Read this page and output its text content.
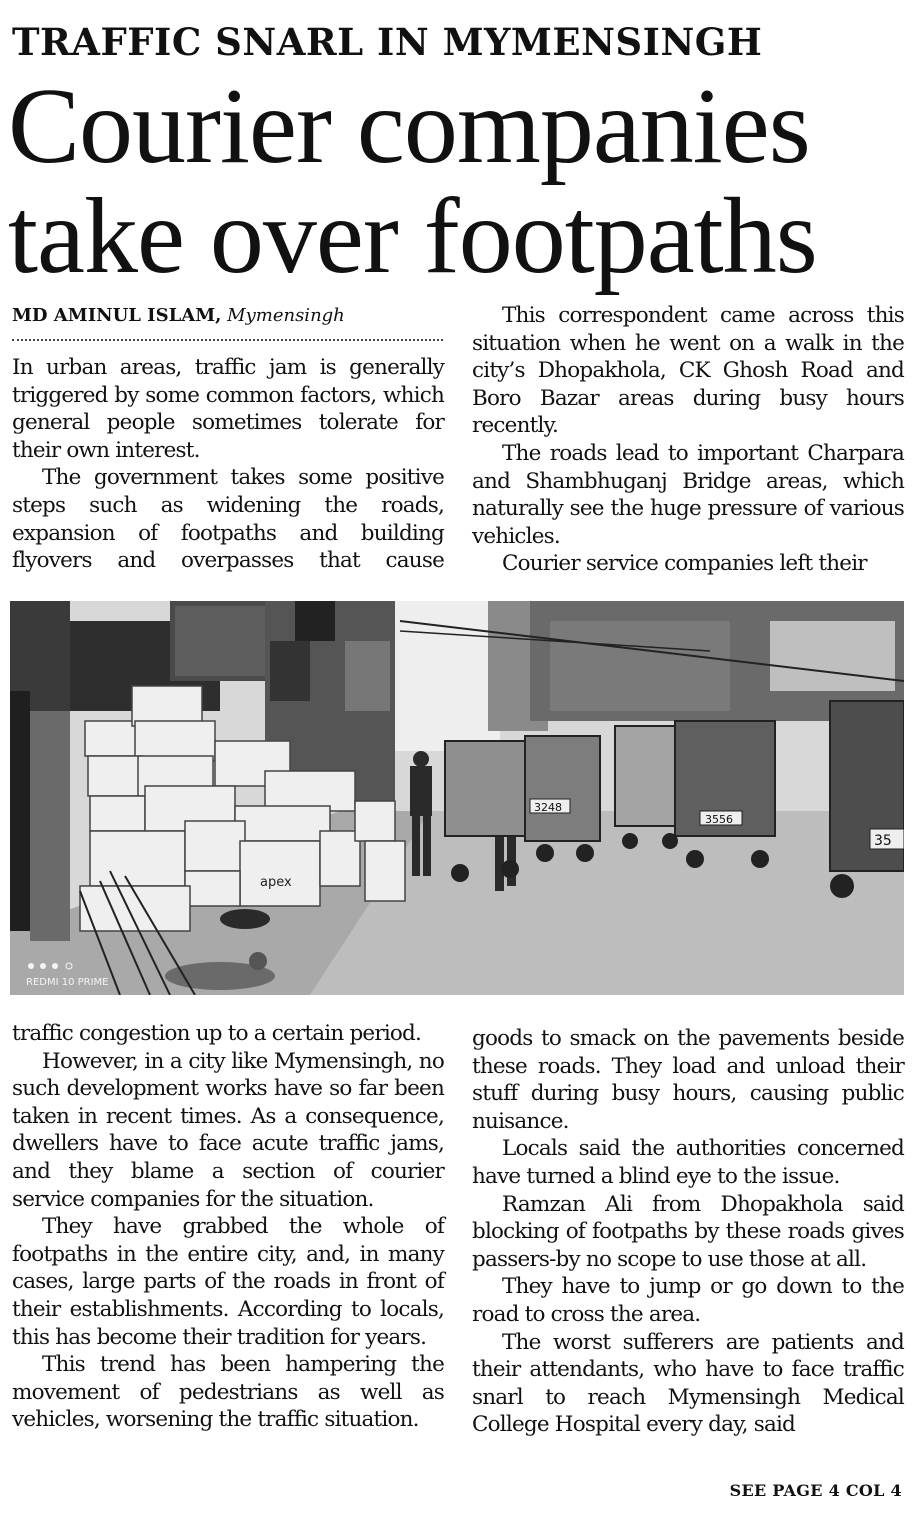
TRAFFIC SNARL IN MYMENSINGH
Courier companies
take over footpaths
MD AMINUL ISLAM, Mymensingh

In urban areas, traffic jam is generally triggered by some common factors, which general people sometimes tolerate for their own interest.

The government takes some positive steps such as widening the roads, expansion of footpaths and building flyovers and overpasses that cause

This correspondent came across this situation when he went on a walk in the city’s Dhopakhola, CK Ghosh Road and Boro Bazar areas during busy hours recently.

The roads lead to important Charpara and Shambhuganj Bridge areas, which naturally see the huge pressure of various vehicles.

Courier service companies left their

apex
3248
3556
35
REDMI 10 PRIME

traffic congestion up to a certain period.

However, in a city like Mymensingh, no such development works have so far been taken in recent times. As a consequence, dwellers have to face acute traffic jams, and they blame a section of courier service companies for the situation.

They have grabbed the whole of footpaths in the entire city, and, in many cases, large parts of the roads in front of their establishments. According to locals, this has become their tradition for years.

This trend has been hampering the movement of pedestrians as well as vehicles, worsening the traffic situation.

goods to smack on the pavements beside these roads. They load and unload their stuff during busy hours, causing public nuisance.

Locals said the authorities concerned have turned a blind eye to the issue.

Ramzan Ali from Dhopakhola said blocking of footpaths by these roads gives passers-by no scope to use those at all.

They have to jump or go down to the road to cross the area.

The worst sufferers are patients and their attendants, who have to face traffic snarl to reach Mymensingh Medical College Hospital every day, said

SEE PAGE 4 COL 4
